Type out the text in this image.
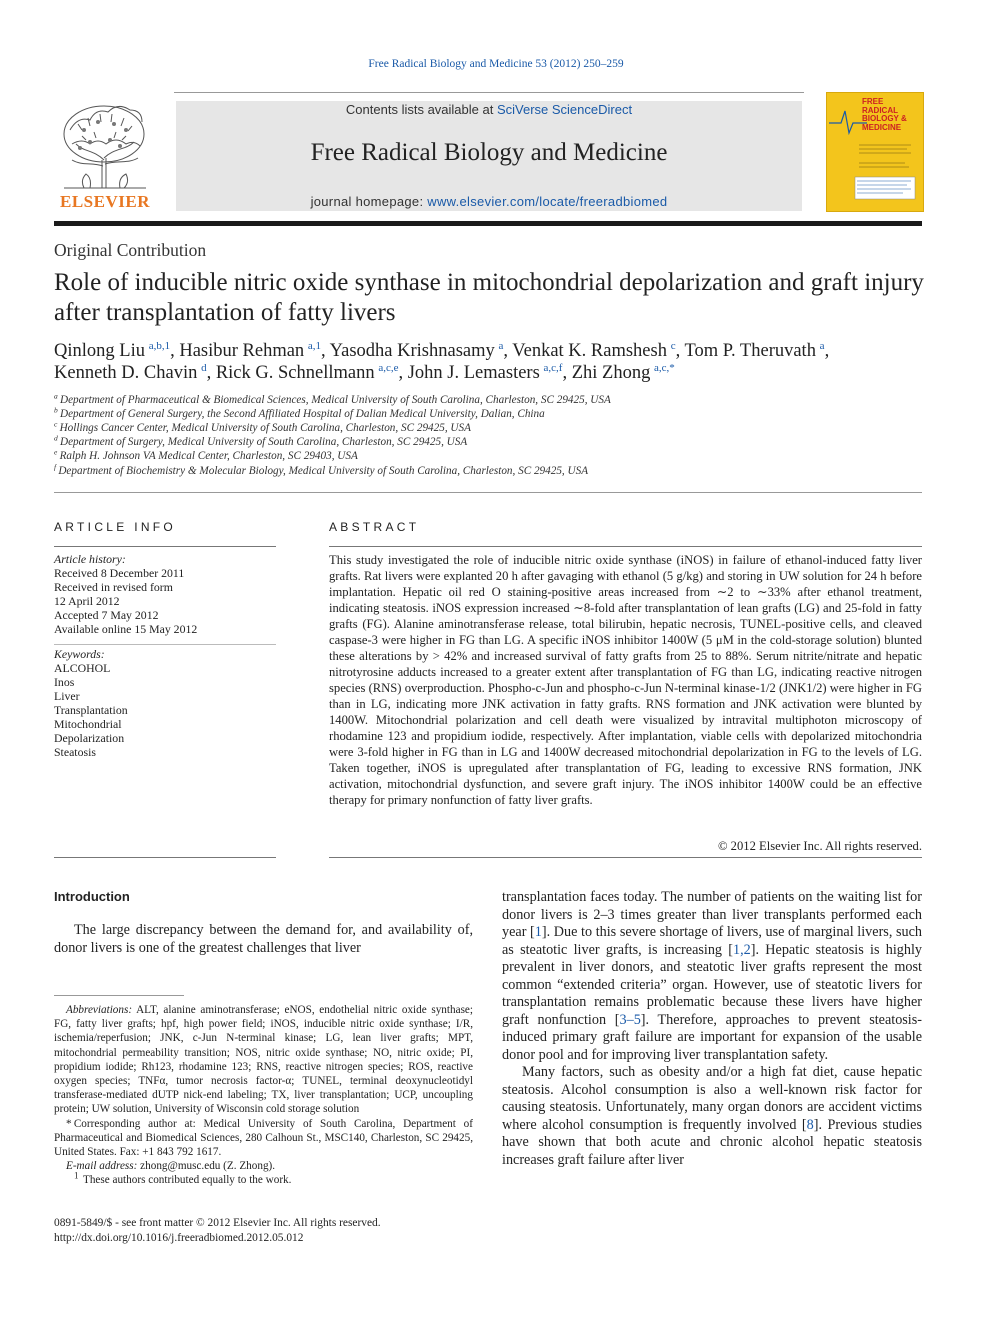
Free Radical Biology and Medicine 53 (2012) 250–259
ELSEVIER
Contents lists available at SciVerse ScienceDirect
Free Radical Biology and Medicine
journal homepage: www.elsevier.com/locate/freeradbiomed
FREE
RADICAL
BIOLOGY &
MEDICINE
Original Contribution
Role of inducible nitric oxide synthase in mitochondrial depolarization and graft injury after transplantation of fatty livers
Qinlong Liu  $^{a,b,1}$, Hasibur Rehman  $^{a,1}$, Yasodha Krishnasamy  $^a$, Venkat K. Ramshesh  $^c$, Tom P. Theruvath  $^a$,
Kenneth D. Chavin  $^d$, Rick G. Schnellmann  $^{a,c,e}$, John J. Lemasters  $^{a,c,f}$, Zhi Zhong  $^{a,c,*}$
$^a$  Department of Pharmaceutical & Biomedical Sciences, Medical University of South Carolina, Charleston, SC 29425, USA
$^b$  Department of General Surgery, the Second Affiliated Hospital of Dalian Medical University, Dalian, China
$^c$  Hollings Cancer Center, Medical University of South Carolina, Charleston, SC 29425, USA
$^d$  Department of Surgery, Medical University of South Carolina, Charleston, SC 29425, USA
$^e$  Ralph H. Johnson VA Medical Center, Charleston, SC 29403, USA
$^f$  Department of Biochemistry & Molecular Biology, Medical University of South Carolina, Charleston, SC 29425, USA
ARTICLE INFO	ABSTRACT
Article history:
Received 8 December 2011
Received in revised form
12 April 2012
Accepted 7 May 2012
Available online 15 May 2012
Keywords:
ALCOHOL
Inos
Liver
Transplantation
Mitochondrial
Depolarization
Steatosis
This study investigated the role of inducible nitric oxide synthase (iNOS) in failure of ethanol-induced fatty liver grafts. Rat livers were explanted 20 h after gavaging with ethanol (5 g/kg) and storing in UW solution for 24 h before implantation. Hepatic oil red O staining-positive areas increased from ∼2 to ∼33% after ethanol treatment, indicating steatosis. iNOS expression increased ∼8-fold after transplantation of lean grafts (LG) and 25-fold in fatty grafts (FG). Alanine aminotransferase release, total bilirubin, hepatic necrosis, TUNEL-positive cells, and cleaved caspase-3 were higher in FG than LG. A specific iNOS inhibitor 1400W (5 μM in the cold-storage solution) blunted these alterations by > 42% and increased survival of fatty grafts from 25 to 88%. Serum nitrite/nitrate and hepatic nitrotyrosine adducts increased to a greater extent after transplantation of FG than LG, indicating reactive nitrogen species (RNS) overproduction. Phospho-c-Jun and phospho-c-Jun N-terminal kinase-1/2 (JNK1/2) were higher in FG than in LG, indicating more JNK activation in fatty grafts. RNS formation and JNK activation were blunted by 1400W. Mitochondrial polarization and cell death were visualized by intravital multiphoton microscopy of rhodamine 123 and propidium iodide, respectively. After implantation, viable cells with depolarized mitochondria were 3-fold higher in FG than in LG and 1400W decreased mitochondrial depolarization in FG to the levels of LG. Taken together, iNOS is upregulated after transplantation of FG, leading to excessive RNS formation, JNK activation, mitochondrial dysfunction, and severe graft injury. The iNOS inhibitor 1400W could be an effective therapy for primary nonfunction of fatty liver grafts.
© 2012 Elsevier Inc. All rights reserved.
Introduction
The large discrepancy between the demand for, and availability of, donor livers is one of the greatest challenges that liver

Abbreviations: ALT, alanine aminotransferase; eNOS, endothelial nitric oxide synthase; FG, fatty liver grafts; hpf, high power field; iNOS, inducible nitric oxide synthase; I/R, ischemia/reperfusion; JNK, c-Jun N-terminal kinase; LG, lean liver grafts; MPT, mitochondrial permeability transition; NOS, nitric oxide synthase; NO, nitric oxide; PI, propidium iodide; Rh123, rhodamine 123; RNS, reactive nitrogen species; ROS, reactive oxygen species; TNFα, tumor necrosis factor-α; TUNEL, terminal deoxynucleotidyl transferase-mediated dUTP nick-end labeling; TX, liver transplantation; UCP, uncoupling protein; UW solution, University of Wisconsin cold storage solution

* Corresponding author at: Medical University of South Carolina, Department of Pharmaceutical and Biomedical Sciences, 280 Calhoun St., MSC140, Charleston, SC 29425, United States. Fax: +1 843 792 1617.

E-mail address: zhong@musc.edu (Z. Zhong).

$^1$   These authors contributed equally to the work.

0891-5849/$ - see front matter © 2012 Elsevier Inc. All rights reserved.
http://dx.doi.org/10.1016/j.freeradbiomed.2012.05.012

transplantation faces today. The number of patients on the waiting list for donor livers is 2–3 times greater than liver transplants performed each year [1]. Due to this severe shortage of livers, use of marginal livers, such as steatotic liver grafts, is increasing [1,2]. Hepatic steatosis is highly prevalent in liver donors, and steatotic liver grafts represent the most common “extended criteria” organ. However, use of steatotic livers for transplantation remains problematic because these livers have higher graft nonfunction [3–5]. Therefore, approaches to prevent steatosis-induced primary graft failure are important for expansion of the usable donor pool and for improving liver transplantation safety.

Many factors, such as obesity and/or a high fat diet, cause hepatic steatosis. Alcohol consumption is also a well-known risk factor for causing steatosis. Unfortunately, many organ donors are accident victims where alcohol consumption is frequently involved [8]. Previous studies have shown that both acute and chronic alcohol hepatic steatosis increases graft failure after liver
